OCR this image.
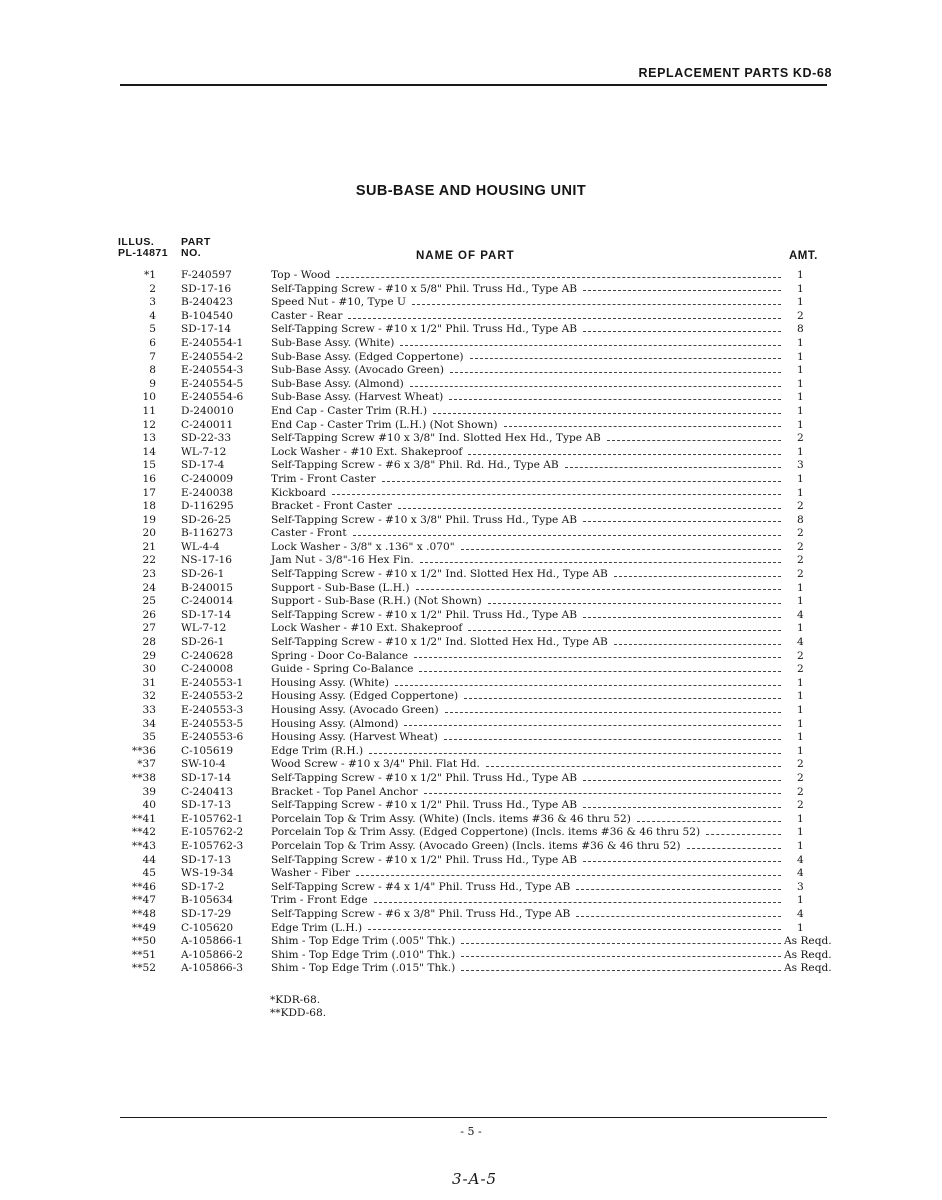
REPLACEMENT PARTS KD-68
SUB-BASE AND HOUSING UNIT
ILLUS.
PL-14871
PART
NO.	NAME OF PART	AMT.
*1 F-240597	Top - Wood	1
2 SD-17-16	Self-Tapping Screw - #10 x 5/8" Phil. Truss Hd., Type AB	1
3 B-240423	Speed Nut - #10, Type U	1
4 B-104540	Caster - Rear	2
5 SD-17-14	Self-Tapping Screw - #10 x 1/2" Phil. Truss Hd., Type AB	8
6 E-240554-1	Sub-Base Assy. (White)	1
7 E-240554-2	Sub-Base Assy. (Edged Coppertone)	1
8 E-240554-3	Sub-Base Assy. (Avocado Green)	1
9 E-240554-5	Sub-Base Assy. (Almond)	1
10 E-240554-6	Sub-Base Assy. (Harvest Wheat)	1
11 D-240010	End Cap - Caster Trim (R.H.)	1
12 C-240011	End Cap - Caster Trim (L.H.) (Not Shown)	1
13 SD-22-33	Self-Tapping Screw #10 x 3/8" Ind. Slotted Hex Hd., Type AB	2
14 WL-7-12	Lock Washer - #10 Ext. Shakeproof	1
15 SD-17-4	Self-Tapping Screw - #6 x 3/8" Phil. Rd. Hd., Type AB	3
16 C-240009	Trim - Front Caster	1
17 E-240038	Kickboard	1
18 D-116295	Bracket - Front Caster	2
19 SD-26-25	Self-Tapping Screw - #10 x 3/8" Phil. Truss Hd., Type AB	8
20 B-116273	Caster - Front	2
21 WL-4-4	Lock Washer - 3/8" x .136" x .070"	2
22 NS-17-16	Jam Nut - 3/8"-16 Hex Fin.	2
23 SD-26-1	Self-Tapping Screw - #10 x 1/2" Ind. Slotted Hex Hd., Type AB	2
24 B-240015	Support - Sub-Base (L.H.)	1
25 C-240014	Support - Sub-Base (R.H.) (Not Shown)	1
26 SD-17-14	Self-Tapping Screw - #10 x 1/2" Phil. Truss Hd., Type AB	4
27 WL-7-12	Lock Washer - #10 Ext. Shakeproof	1
28 SD-26-1	Self-Tapping Screw - #10 x 1/2" Ind. Slotted Hex Hd., Type AB	4
29 C-240628	Spring - Door Co-Balance	2
30 C-240008	Guide - Spring Co-Balance	2
31 E-240553-1	Housing Assy. (White)	1
32 E-240553-2	Housing Assy. (Edged Coppertone)	1
33 E-240553-3	Housing Assy. (Avocado Green)	1
34 E-240553-5	Housing Assy. (Almond)	1
35 E-240553-6	Housing Assy. (Harvest Wheat)	1
**36 C-105619	Edge Trim (R.H.)	1
*37 SW-10-4	Wood Screw - #10 x 3/4" Phil. Flat Hd.	2
**38 SD-17-14	Self-Tapping Screw - #10 x 1/2" Phil. Truss Hd., Type AB	2
39 C-240413	Bracket - Top Panel Anchor	2
40 SD-17-13	Self-Tapping Screw - #10 x 1/2" Phil. Truss Hd., Type AB	2
**41 E-105762-1	Porcelain Top & Trim Assy. (White) (Incls. items #36 & 46 thru 52)	1
**42 E-105762-2	Porcelain Top & Trim Assy. (Edged Coppertone) (Incls. items #36 & 46 thru 52)	1
**43 E-105762-3	Porcelain Top & Trim Assy. (Avocado Green) (Incls. items #36 & 46 thru 52)	1
44 SD-17-13	Self-Tapping Screw - #10 x 1/2" Phil. Truss Hd., Type AB	4
45 WS-19-34	Washer - Fiber	4
**46 SD-17-2	Self-Tapping Screw - #4 x 1/4" Phil. Truss Hd., Type AB	3
**47 B-105634	Trim - Front Edge	1
**48 SD-17-29	Self-Tapping Screw - #6 x 3/8" Phil. Truss Hd., Type AB	4
**49 C-105620	Edge Trim (L.H.)	1
**50 A-105866-1	Shim - Top Edge Trim (.005" Thk.)	As Reqd.
**51 A-105866-2	Shim - Top Edge Trim (.010" Thk.)	As Reqd.
**52 A-105866-3	Shim - Top Edge Trim (.015" Thk.)	As Reqd.
*KDR-68.
**KDD-68.
- 5 -
3-A-5
